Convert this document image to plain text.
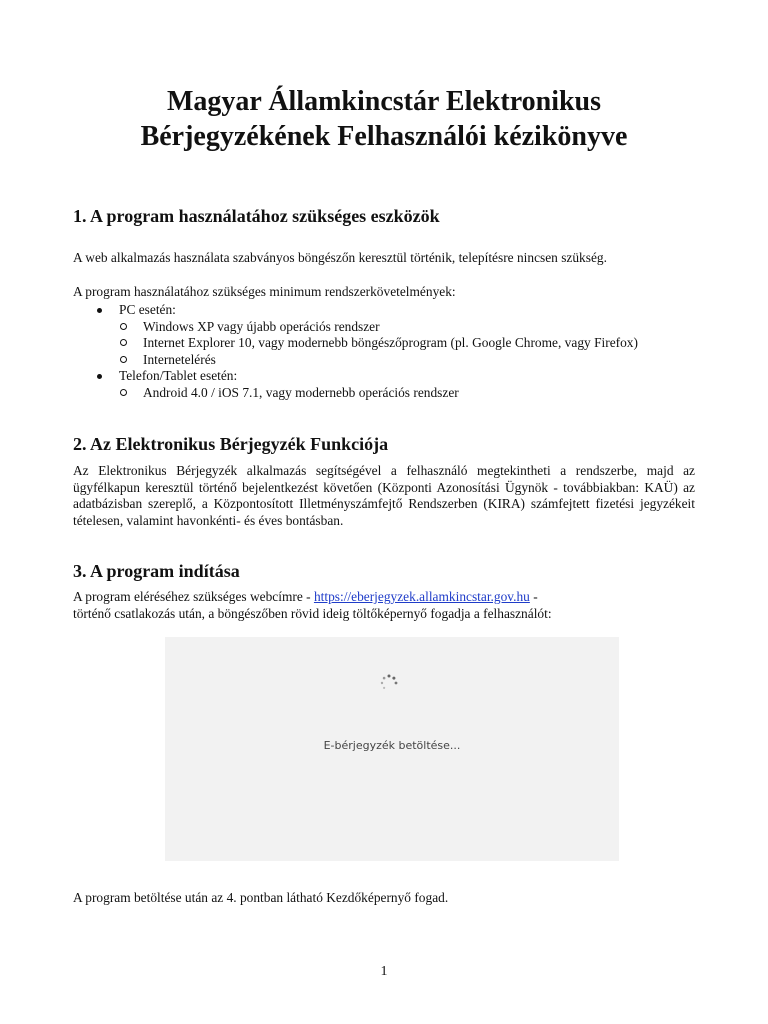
Magyar Államkincstár Elektronikus
Bérjegyzékének Felhasználói kézikönyve
1. A program használatához szükséges eszközök

A web alkalmazás használata szabványos böngészőn keresztül történik, telepítésre nincsen szükség.

A program használatához szükséges minimum rendszerkövetelmények:

PC esetén:
Windows XP vagy újabb operációs rendszer
Internet Explorer 10, vagy modernebb böngészőprogram (pl. Google Chrome, vagy Firefox)
Internetelérés
Telefon/Tablet esetén:
Android 4.0 / iOS 7.1, vagy modernebb operációs rendszer
2. Az Elektronikus Bérjegyzék Funkciója

Az Elektronikus Bérjegyzék alkalmazás segítségével a felhasználó megtekintheti a rendszerbe, majd az ügyfélkapun keresztül történő bejelentkezést követően (Központi Azonosítási Ügynök - továbbiakban: KAÜ) az adatbázisban szereplő, a Központosított Illetményszámfejtő Rendszerben (KIRA) számfejtett fizetési jegyzékeit tételesen, valamint havonkénti- és éves bontásban.

3. A program indítása

A program eléréséhez szükséges webcímre - https://eberjegyzek.allamkincstar.gov.hu -
történő csatlakozás után, a böngészőben rövid ideig töltőképernyő fogadja a felhasználót:

E-bérjegyzék betöltése...

A program betöltése után az 4. pontban látható Kezdőképernyő fogad.

1
